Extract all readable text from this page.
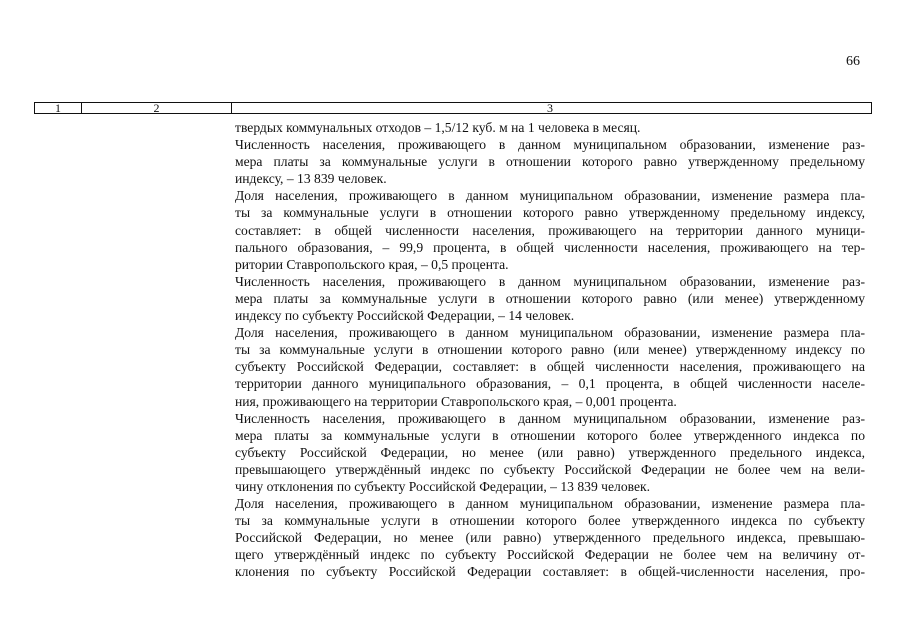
66
1	2	3
твердых коммунальных отходов – 1,5/12 куб. м на 1 человека в месяц.
Численность населения, проживающего в данном муниципальном образовании, изменение раз-
мера платы за коммунальные услуги в отношении которого равно утвержденному предельному
индексу, – 13 839 человек.
Доля населения, проживающего в данном муниципальном образовании, изменение размера пла-
ты за коммунальные услуги в отношении которого равно утвержденному предельному индексу,
составляет: в общей численности населения, проживающего на территории данного муници-
пального образования, – 99,9 процента, в общей численности населения, проживающего на тер-
ритории Ставропольского края, – 0,5 процента.
Численность населения, проживающего в данном муниципальном образовании, изменение раз-
мера платы за коммунальные услуги в отношении которого равно (или менее) утвержденному
индексу по субъекту Российской Федерации, – 14 человек.
Доля населения, проживающего в данном муниципальном образовании, изменение размера пла-
ты за коммунальные услуги в отношении которого равно (или менее) утвержденному индексу по
субъекту Российской Федерации, составляет: в общей численности населения, проживающего на
территории данного муниципального образования, – 0,1 процента, в общей численности населе-
ния, проживающего на территории Ставропольского края, – 0,001 процента.
Численность населения, проживающего в данном муниципальном образовании, изменение раз-
мера платы за коммунальные услуги в отношении которого более утвержденного индекса по
субъекту Российской Федерации, но менее (или равно) утвержденного предельного индекса,
превышающего утверждённый индекс по субъекту Российской Федерации не более чем на вели-
чину отклонения по субъекту Российской Федерации, – 13 839 человек.
Доля населения, проживающего в данном муниципальном образовании, изменение размера пла-
ты за коммунальные услуги в отношении которого более утвержденного индекса по субъекту
Российской Федерации, но менее (или равно) утвержденного предельного индекса, превышаю-
щего утверждённый индекс по субъекту Российской Федерации не более чем на величину от-
клонения по субъекту Российской Федерации составляет: в общей-численности населения, про-
